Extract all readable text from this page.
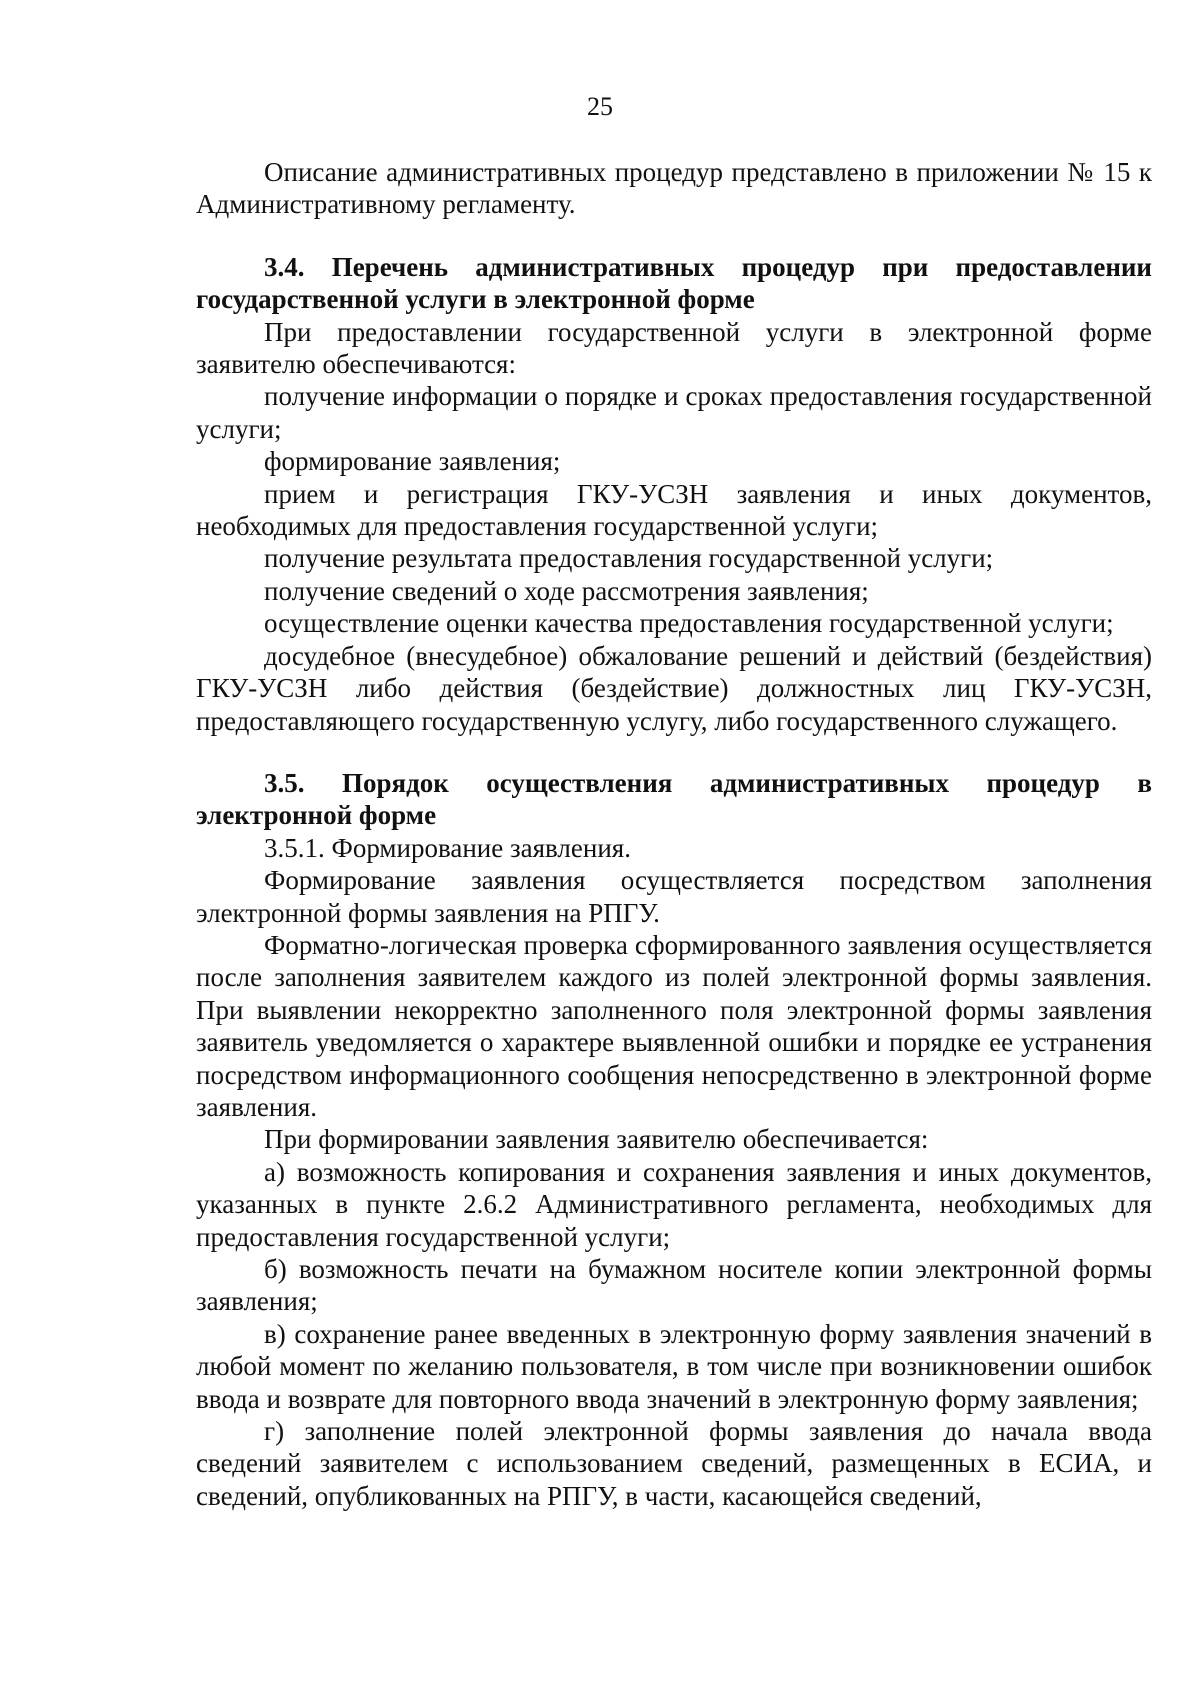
25

Описание административных процедур представлено в приложении № 15 к Административному регламенту.

3.4. Перечень административных процедур при предоставлении государственной услуги в электронной форме

При предоставлении государственной услуги в электронной форме заявителю обеспечиваются:

получение информации о порядке и сроках предоставления государственной услуги;

формирование заявления;

прием и регистрация ГКУ-УСЗН заявления и иных документов, необходимых для предоставления государственной услуги;

получение результата предоставления государственной услуги;

получение сведений о ходе рассмотрения заявления;

осуществление оценки качества предоставления государственной услуги;

досудебное (внесудебное) обжалование решений и действий (бездействия) ГКУ-УСЗН либо действия (бездействие) должностных лиц ГКУ-УСЗН, предоставляющего государственную услугу, либо государственного служащего.

3.5. Порядок осуществления административных процедур в электронной форме

3.5.1. Формирование заявления.

Формирование заявления осуществляется посредством заполнения электронной формы заявления на РПГУ.

Форматно-логическая проверка сформированного заявления осуществляется после заполнения заявителем каждого из полей электронной формы заявления. При выявлении некорректно заполненного поля электронной формы заявления заявитель уведомляется о характере выявленной ошибки и порядке ее устранения посредством информационного сообщения непосредственно в электронной форме заявления.

При формировании заявления заявителю обеспечивается:

а) возможность копирования и сохранения заявления и иных документов, указанных в пункте 2.6.2 Административного регламента, необходимых для предоставления государственной услуги;

б) возможность печати на бумажном носителе копии электронной формы заявления;

в) сохранение ранее введенных в электронную форму заявления значений в любой момент по желанию пользователя, в том числе при возникновении ошибок ввода и возврате для повторного ввода значений в электронную форму заявления;

г) заполнение полей электронной формы заявления до начала ввода сведений заявителем с использованием сведений, размещенных в ЕСИА, и сведений, опубликованных на РПГУ, в части, касающейся сведений,
